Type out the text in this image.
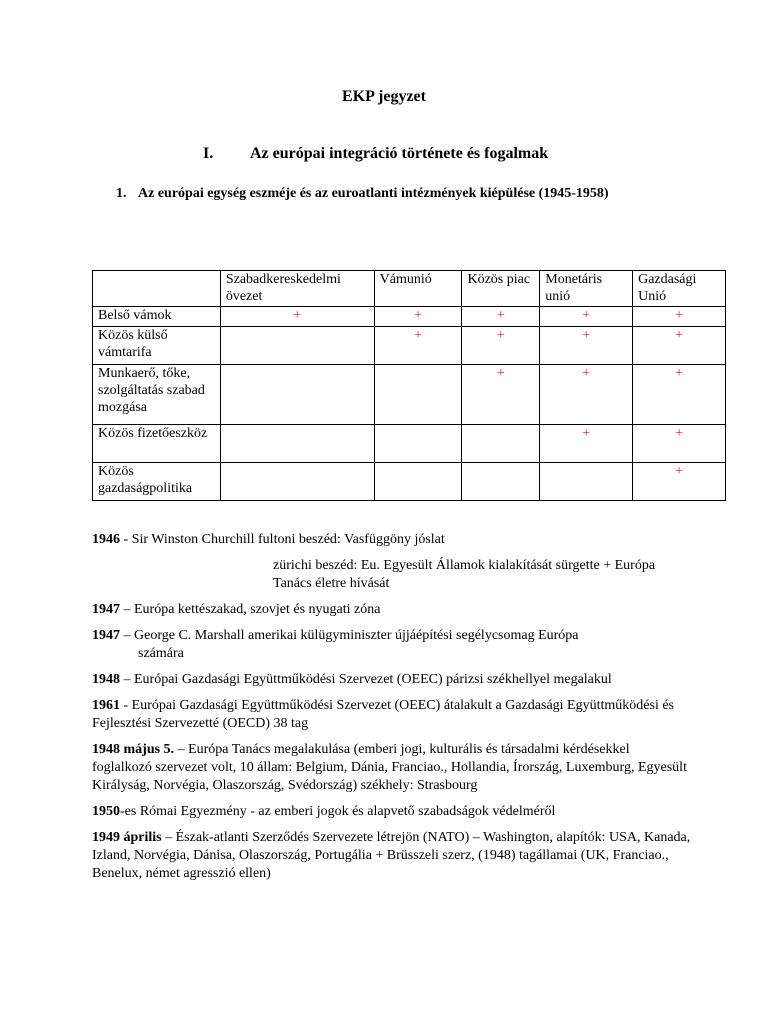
EKP jegyzet
I. Az európai integráció története és fogalmak
1. Az európai egység eszméje és az euroatlanti intézmények kiépülése (1945-1958)
	Szabadkereskedelmi övezet	Vámunió	Közös piac	Monetáris unió	Gazdasági Unió
Belső vámok	+	+	+	+	+
Közös külső vámtarifa		+	+	+	+
Munkaerő, tőke, szolgáltatás szabad mozgása			+	+	+
Közös fizetőeszköz				+	+
Közös gazdaságpolitika					+
1946 - Sir Winston Churchill fultoni beszéd: Vasfüggöny jóslat
zürichi beszéd: Eu. Egyesült Államok kialakítását sürgette + Európa Tanács életre hívását
1947 – Európa kettészakad, szovjet és nyugati zóna
1947 – George C. Marshall amerikai külügyminiszter újjáépítési segélycsomag Európa
számára
1948 – Európai Gazdasági Együttműködési Szervezet (OEEC) párizsi székhellyel megalakul
1961 - Európai Gazdasági Együttműködési Szervezet (OEEC) átalakult a Gazdasági Együttműködési és Fejlesztési Szervezetté (OECD) 38 tag
1948 május 5. – Európa Tanács megalakulása (emberi jogi, kulturális és társadalmi kérdésekkel foglalkozó szervezet volt, 10 állam: Belgium, Dánia, Franciao., Hollandia, Írország, Luxemburg, Egyesült Királyság, Norvégia, Olaszország, Svédország) székhely: Strasbourg
1950-es Római Egyezmény - az emberi jogok és alapvető szabadságok védelméről
1949 április – Észak-atlanti Szerződés Szervezete létrejön (NATO) – Washington, alapítók: USA, Kanada, Izland, Norvégia, Dánisa, Olaszország, Portugália + Brüsszeli szerz, (1948) tagállamai (UK, Franciao., Benelux, német agresszió ellen)
